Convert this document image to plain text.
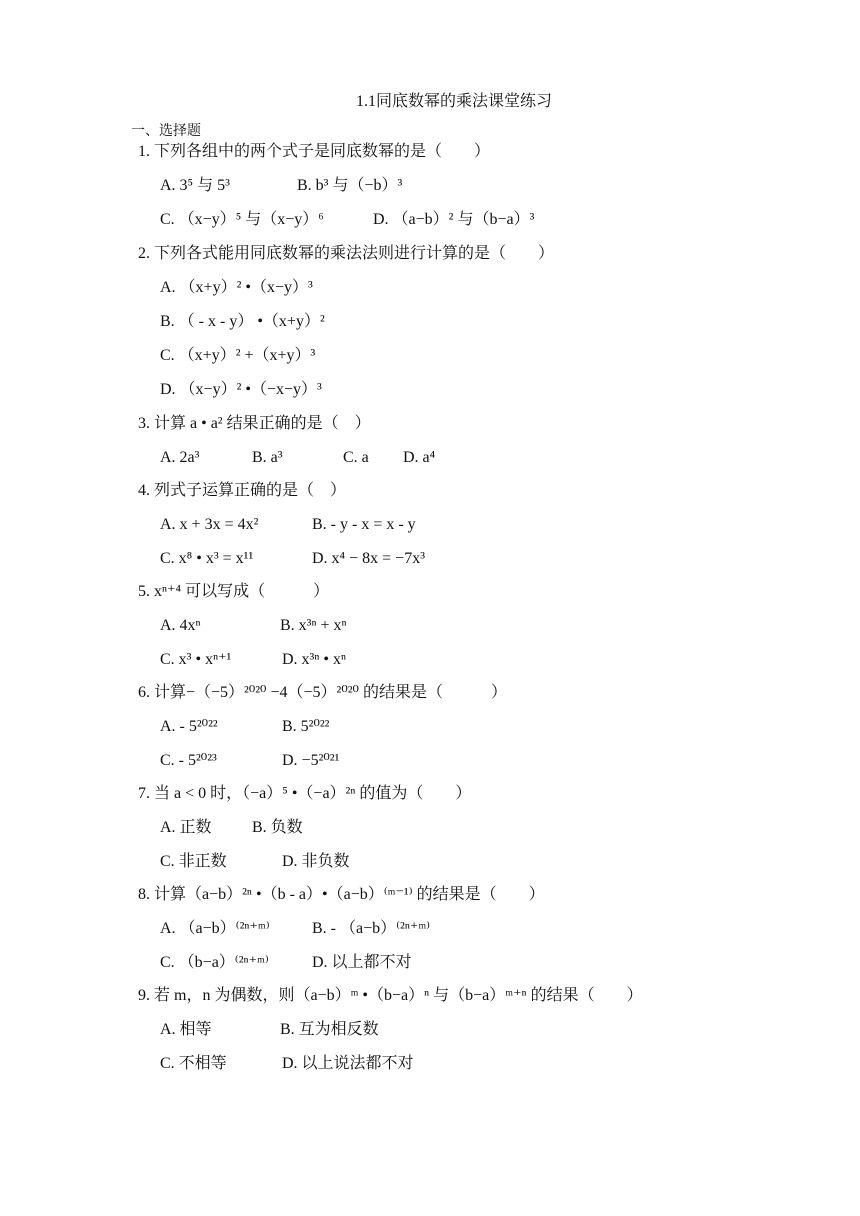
1.1同底数幂的乘法课堂练习
一、选择题
1. 下列各组中的两个式子是同底数幂的是（　　）
A. 3⁵ 与 5³	B. b³ 与（−b）³
C. （x−y）⁵ 与（x−y）⁶	D. （a−b）² 与（b−a）³
2. 下列各式能用同底数幂的乘法法则进行计算的是（　　）
A. （x+y）² •（x−y）³
B. （ - x - y） •（x+y）²
C. （x+y）² +（x+y）³
D. （x−y）² •（−x−y）³
3. 计算 a • a² 结果正确的是（　）
A. 2a³	B. a³	C. a D. a⁴
4. 列式子运算正确的是（　）
A. x + 3x = 4x²	B. - y - x = x - y
C. x⁸ • x³ = x¹¹	D. x⁴ − 8x = −7x³
5. xⁿ⁺⁴ 可以写成（　　　）
A. 4xⁿ	B. x³ⁿ + xⁿ
C. x³ • xⁿ⁺¹	D. x³ⁿ • xⁿ
6. 计算−（−5）²⁰²⁰ −4（−5）²⁰²⁰ 的结果是（　　　）
A. - 5²⁰²²	B. 5²⁰²²
C. - 5²⁰²³	D. −5²⁰²¹
7. 当 a < 0 时，（−a）⁵ •（−a）²ⁿ 的值为（　　）
A. 正数	B. 负数
C. 非正数	D. 非负数
8. 计算（a−b）²ⁿ •（b - a）•（a−b）⁽ᵐ⁻¹⁾ 的结果是（　　）
A. （a−b）⁽²ⁿ⁺ᵐ⁾	B. - （a−b）⁽²ⁿ⁺ᵐ⁾
C. （b−a）⁽²ⁿ⁺ᵐ⁾	D. 以上都不对
9. 若 m，n 为偶数，则（a−b）ᵐ •（b−a）ⁿ 与（b−a）ᵐ⁺ⁿ 的结果（　　）
A. 相等	B. 互为相反数
C. 不相等	D. 以上说法都不对
